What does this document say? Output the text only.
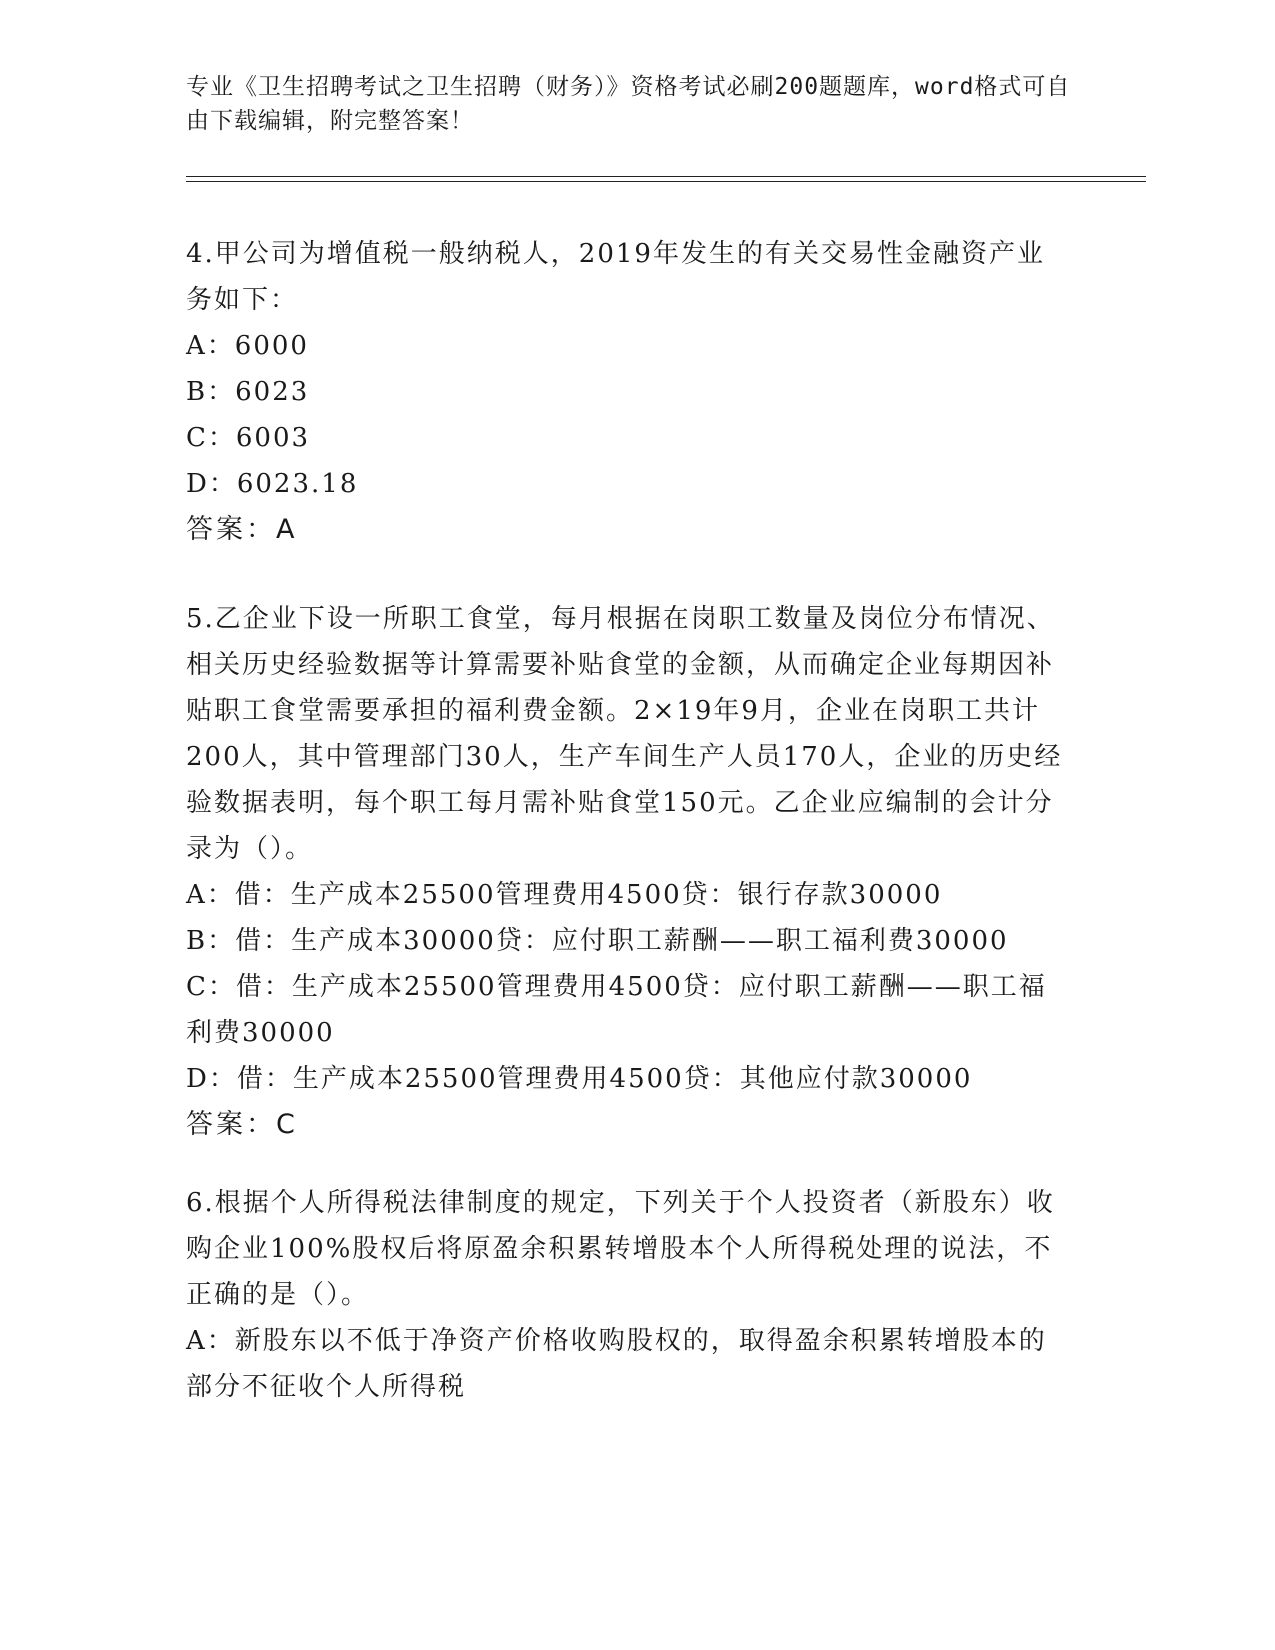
专业《卫生招聘考试之卫生招聘（财务）》资格考试必刷200题题库，word格式可自由下载编辑，附完整答案！

4.甲公司为增值税一般纳税人，2019年发生的有关交易性金融资产业务如下：

A：6000

B：6023

C：6003

D：6023.18

答案：A

5.乙企业下设一所职工食堂，每月根据在岗职工数量及岗位分布情况、相关历史经验数据等计算需要补贴食堂的金额，从而确定企业每期因补贴职工食堂需要承担的福利费金额。2×19年9月，企业在岗职工共计200人，其中管理部门30人，生产车间生产人员170人，企业的历史经验数据表明，每个职工每月需补贴食堂150元。乙企业应编制的会计分录为（）。

A：借：生产成本25500管理费用4500贷：银行存款30000

B：借：生产成本30000贷：应付职工薪酬——职工福利费30000

C：借：生产成本25500管理费用4500贷：应付职工薪酬——职工福利费30000

D：借：生产成本25500管理费用4500贷：其他应付款30000

答案：C

6.根据个人所得税法律制度的规定，下列关于个人投资者（新股东）收购企业100%股权后将原盈余积累转增股本个人所得税处理的说法，不正确的是（）。

A：新股东以不低于净资产价格收购股权的，取得盈余积累转增股本的部分不征收个人所得税
